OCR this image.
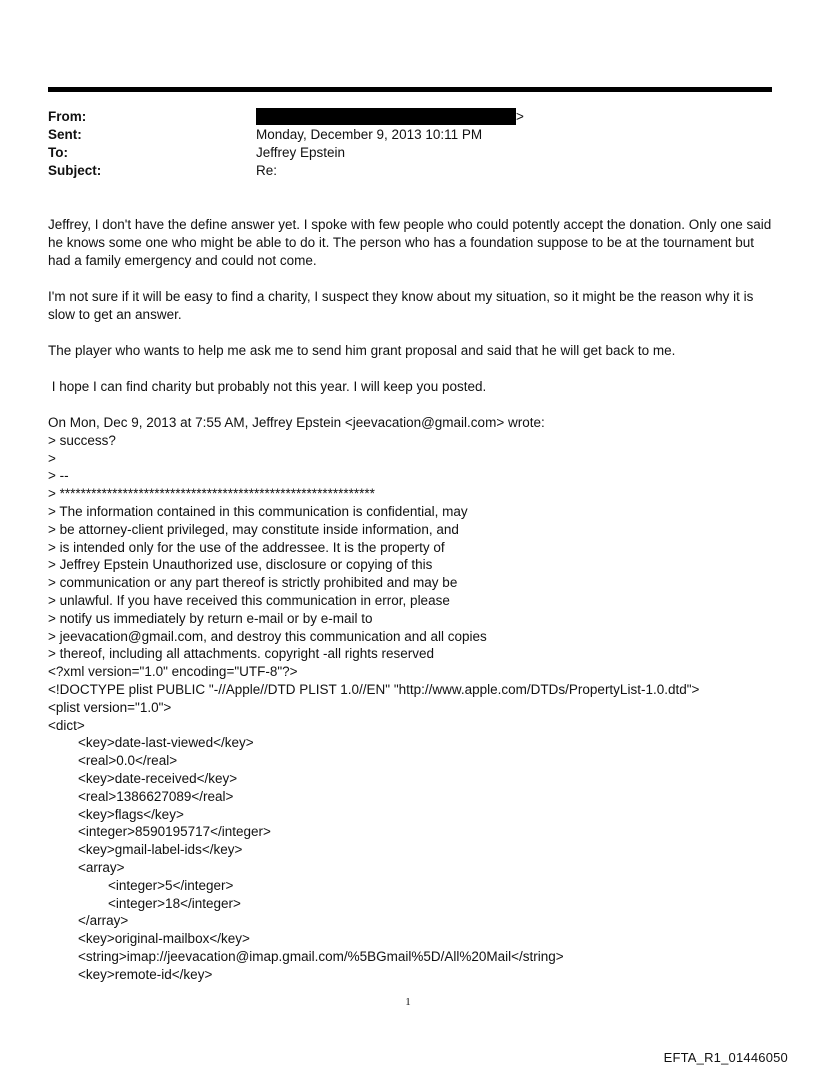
From:	>
Sent:	Monday, December 9, 2013 10:11 PM
To:	Jeffrey Epstein
Subject:	Re:

Jeffrey, I don't have the define answer yet. I spoke with few people who could potently accept the donation. Only one said he knows some one who might be able to do it. The person who has a foundation suppose to be at the tournament but had a family emergency and could not come.

I'm not sure if it will be easy to find a charity, I suspect they know about my situation, so it might be the reason why it is slow to get an answer.

The player who wants to help me ask me to send him grant proposal and said that he will get back to me.

I hope I can find charity but probably not this year. I will keep you posted.

On Mon, Dec 9, 2013 at 7:55 AM, Jeffrey Epstein <jeevacation@gmail.com> wrote:
> success?
>
> --
> ************************************************************
> The information contained in this communication is confidential, may
> be attorney-client privileged, may constitute inside information, and
> is intended only for the use of the addressee. It is the property of
> Jeffrey Epstein Unauthorized use, disclosure or copying of this
> communication or any part thereof is strictly prohibited and may be
> unlawful. If you have received this communication in error, please
> notify us immediately by return e-mail or by e-mail to
> jeevacation@gmail.com, and destroy this communication and all copies
> thereof, including all attachments. copyright -all rights reserved
<?xml version="1.0" encoding="UTF-8"?>
<!DOCTYPE plist PUBLIC "-//Apple//DTD PLIST 1.0//EN" "http://www.apple.com/DTDs/PropertyList-1.0.dtd">
<plist version="1.0">
<dict>
<key>date-last-viewed</key>
<real>0.0</real>
<key>date-received</key>
<real>1386627089</real>
<key>flags</key>
<integer>8590195717</integer>
<key>gmail-label-ids</key>
<array>
<integer>5</integer>
<integer>18</integer>
</array>
<key>original-mailbox</key>
<string>imap://jeevacation@imap.gmail.com/%5BGmail%5D/All%20Mail</string>
<key>remote-id</key>
1
EFTA_R1_01446050
